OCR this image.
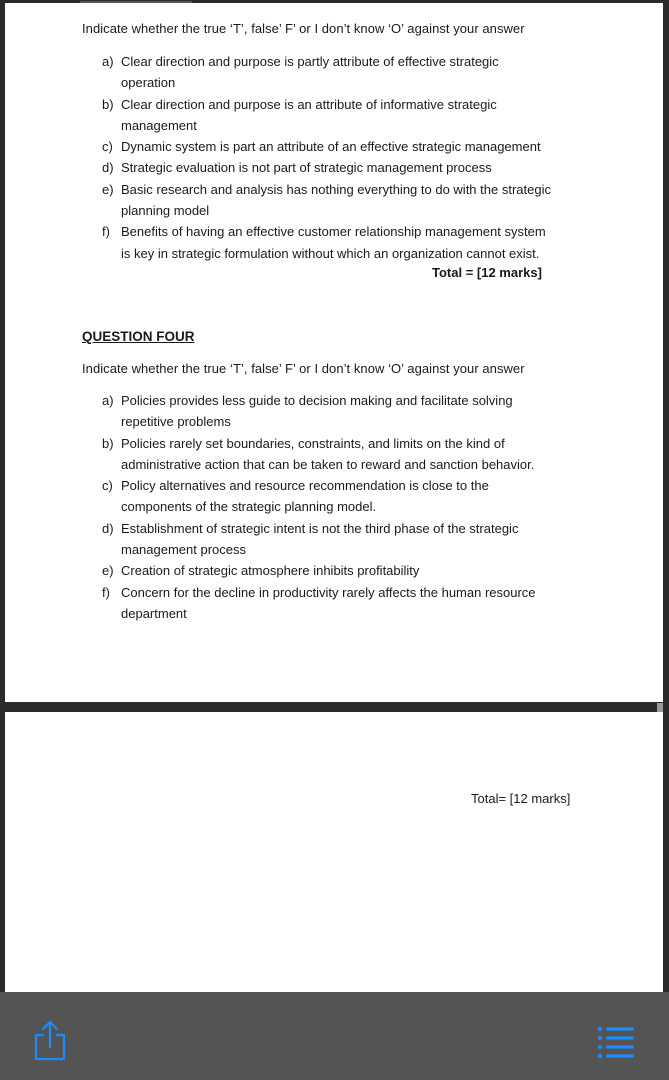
Indicate whether the true ‘T’, false’ F’ or I don’t know ‘O’ against your answer
a) Clear direction and purpose is partly attribute of effective strategic
operation
b) Clear direction and purpose is an attribute of informative strategic
management
c) Dynamic system is part an attribute of an effective strategic management
d) Strategic evaluation is not part of strategic management process
e) Basic research and analysis has nothing everything to do with the strategic
planning model
f) Benefits of having an effective customer relationship management system
is key in strategic formulation without which an organization cannot exist.
Total = [12 marks]
QUESTION FOUR
Indicate whether the true ‘T’, false’ F’ or I don’t know ‘O’ against your answer
a) Policies provides less guide to decision making and facilitate solving
repetitive problems
b) Policies rarely set boundaries, constraints, and limits on the kind of
administrative action that can be taken to reward and sanction behavior.
c) Policy alternatives and resource recommendation is close to the
components of the strategic planning model.
d) Establishment of strategic intent is not the third phase of the strategic
management process
e) Creation of strategic atmosphere inhibits profitability
f) Concern for the decline in productivity rarely affects the human resource
department
Total= [12 marks]
